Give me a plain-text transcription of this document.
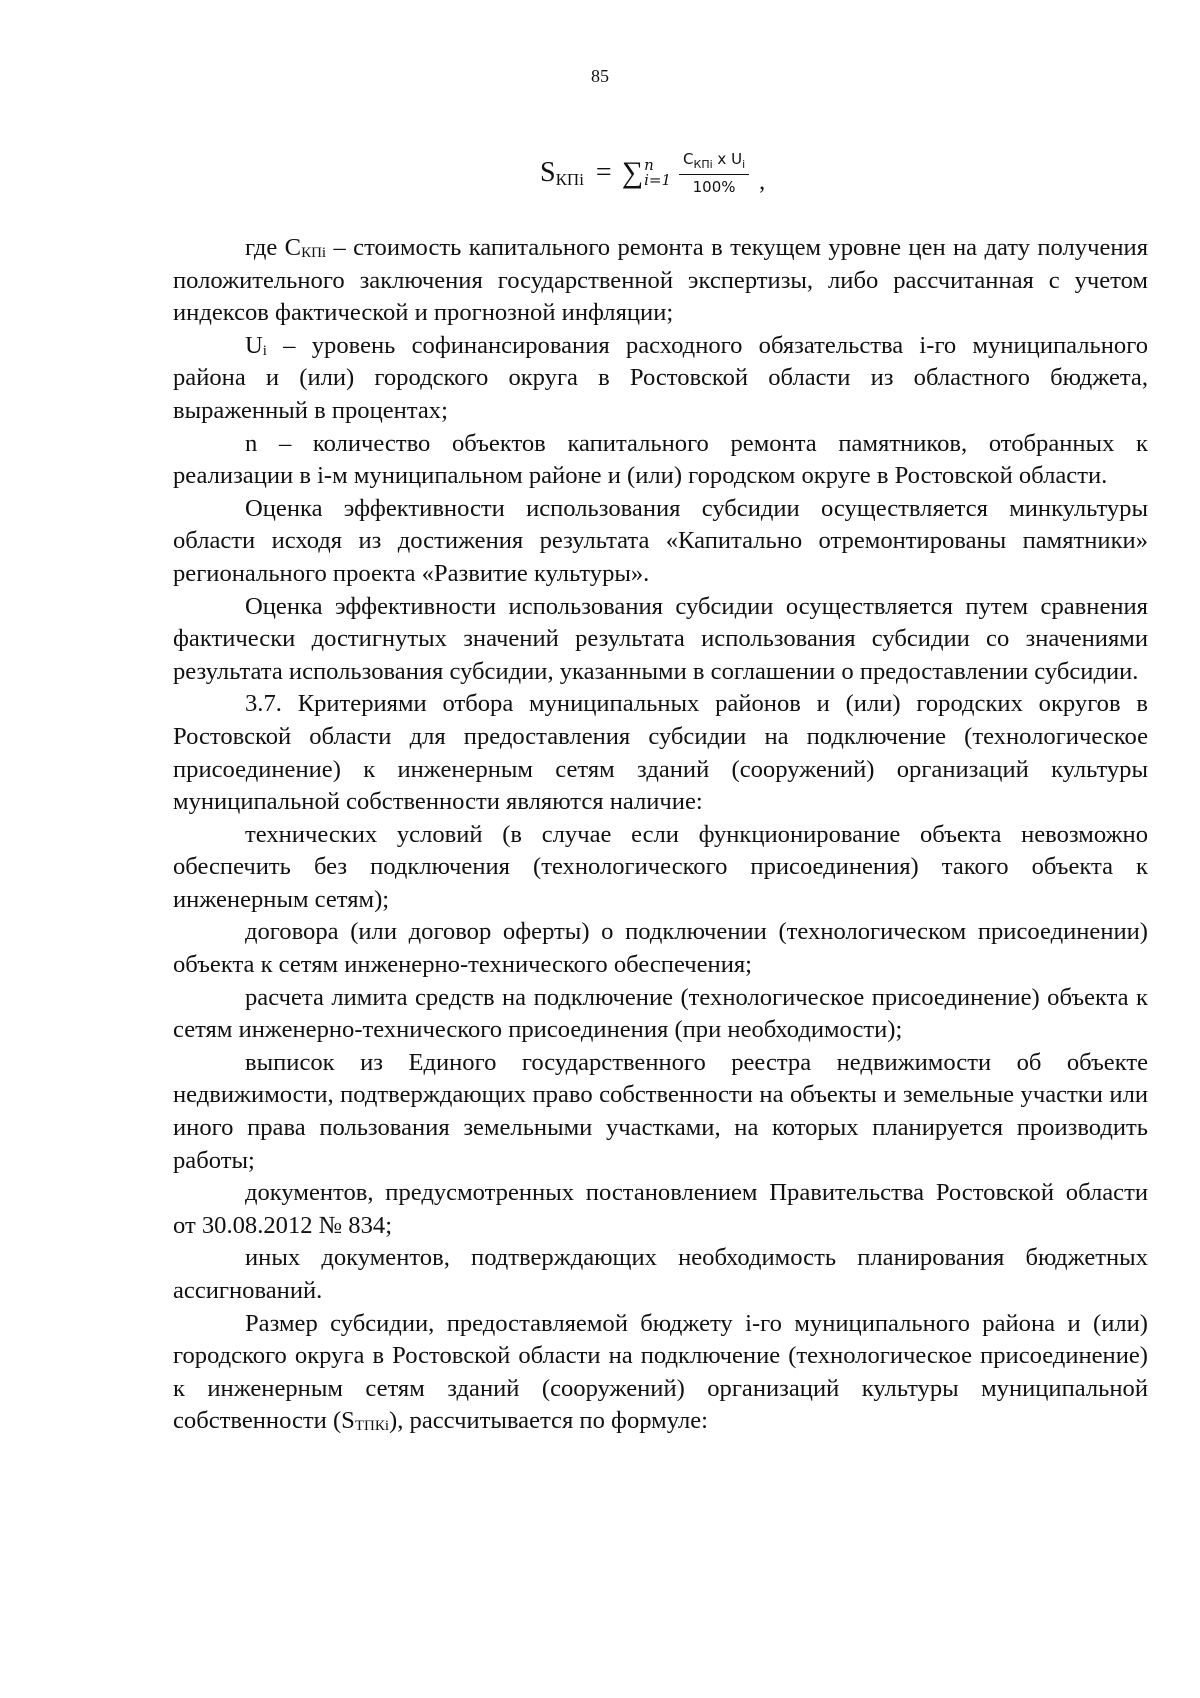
85
$S_{КПi}$ = ∑ n
$i=1 \frac{С_{КПi} x U_i}{100\%}$ ,

где $С_{КПi}$ – стоимость капитального ремонта в текущем уровне цен на дату получения положительного заключения государственной экспертизы, либо рассчитанная с учетом индексов фактической и прогнозной инфляции;

$U_i$ – уровень софинансирования расходного обязательства i-го муниципального района и (или) городского округа в Ростовской области из областного бюджета, выраженный в процентах;

n – количество объектов капитального ремонта памятников, отобранных к реализации в i-м муниципальном районе и (или) городском округе в Ростовской области.

Оценка эффективности использования субсидии осуществляется минкультуры области исходя из достижения результата «Капитально отремонтированы памятники» регионального проекта «Развитие культуры».

Оценка эффективности использования субсидии осуществляется путем сравнения фактически достигнутых значений результата использования субсидии со значениями результата использования субсидии, указанными в соглашении о предоставлении субсидии.

3.7. Критериями отбора муниципальных районов и (или) городских округов в Ростовской области для предоставления субсидии на подключение (технологическое присоединение) к инженерным сетям зданий (сооружений) организаций культуры муниципальной собственности являются наличие:

технических условий (в случае если функционирование объекта невозможно обеспечить без подключения (технологического присоединения) такого объекта к инженерным сетям);

договора (или договор оферты) о подключении (технологическом присоединении) объекта к сетям инженерно-технического обеспечения;

расчета лимита средств на подключение (технологическое присоединение) объекта к сетям инженерно-технического присоединения (при необходимости);

выписок из Единого государственного реестра недвижимости об объекте недвижимости, подтверждающих право собственности на объекты и земельные участки или иного права пользования земельными участками, на которых планируется производить работы;

документов, предусмотренных постановлением Правительства Ростовской области от 30.08.2012 № 834;

иных документов, подтверждающих необходимость планирования бюджетных ассигнований.

Размер субсидии, предоставляемой бюджету i-го муниципального района и (или) городского округа в Ростовской области на подключение (технологическое присоединение) к инженерным сетям зданий (сооружений) организаций культуры муниципальной собственности $(S_{ТПКi})$, рассчитывается по формуле:
